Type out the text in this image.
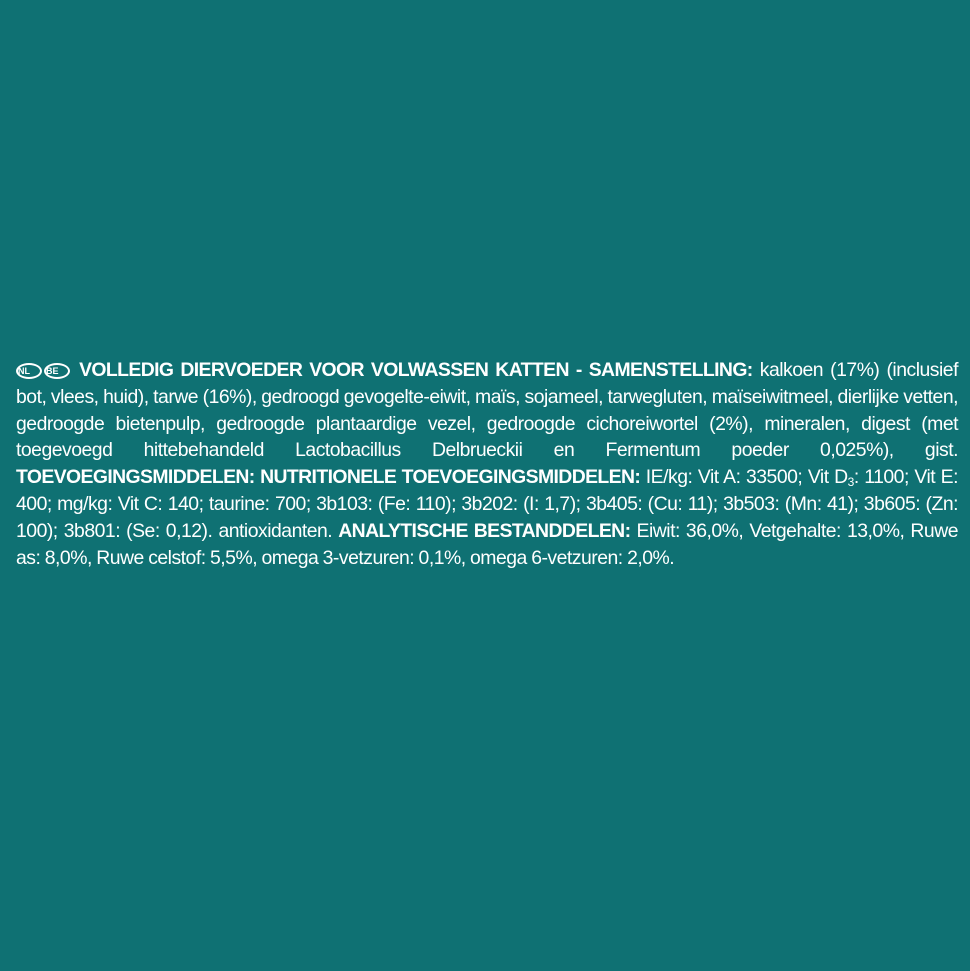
NL BE VOLLEDIG DIERVOEDER VOOR VOLWASSEN KATTEN - SAMENSTELLING: kalkoen (17%) (inclusief bot, vlees, huid), tarwe (16%), gedroogd gevogelte-eiwit, maïs, sojameel, tarwegluten, maïseiwitmeel, dierlijke vetten, gedroogde bietenpulp, gedroogde plantaardige vezel, gedroogde cichoreiwortel (2%), mineralen, digest (met toegevoegd hittebehandeld Lactobacillus Delbrueckii en Fermentum poeder 0,025%), gist. TOEVOEGINGSMIDDELEN: NUTRITIONELE TOEVOEGINGSMIDDELEN: IE/kg: Vit A: 33500; Vit $D_3$: 1100; Vit E: 400; mg/kg: Vit C: 140; taurine: 700; 3b103: (Fe: 110); 3b202: (I: 1,7); 3b405: (Cu: 11); 3b503: (Mn: 41); 3b605: (Zn: 100); 3b801: (Se: 0,12). antioxidanten. ANALYTISCHE BESTANDDELEN: Eiwit: 36,0%, Vetgehalte: 13,0%, Ruwe as: 8,0%, Ruwe celstof: 5,5%, omega 3-vetzuren: 0,1%, omega 6-vetzuren: 2,0%.
